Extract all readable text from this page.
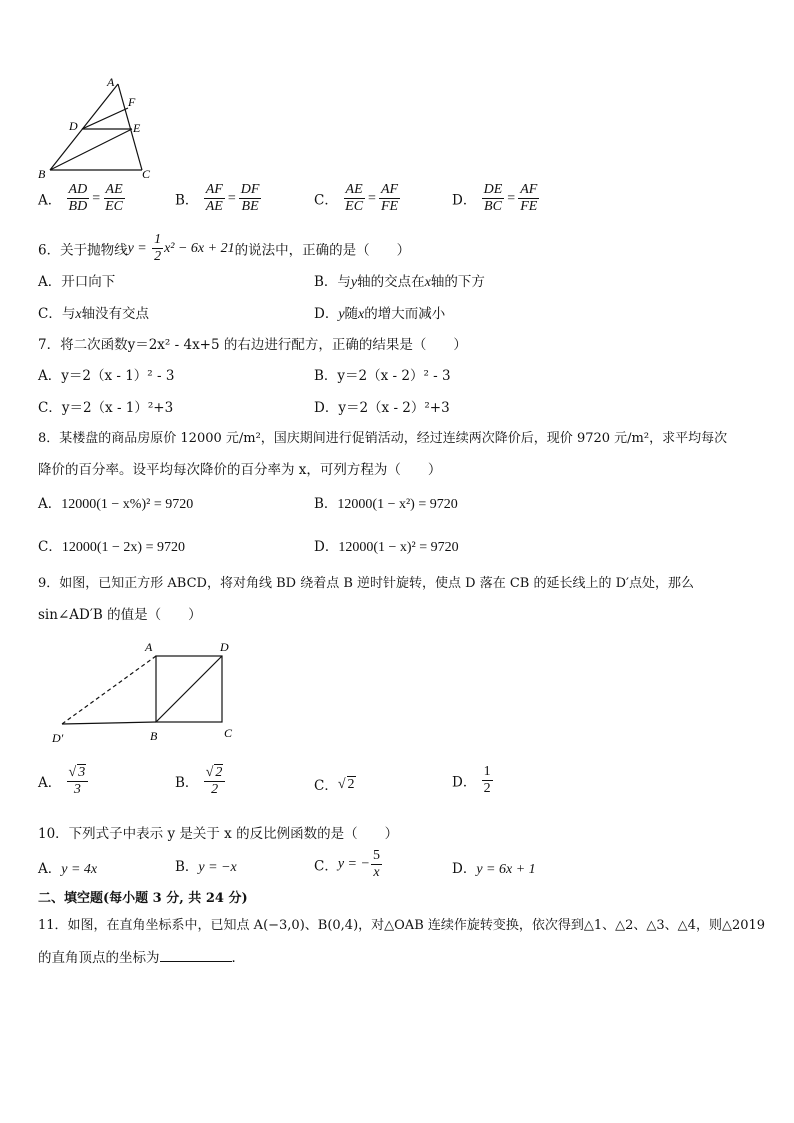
A
F
D	E
B	C
A． $\frac{AD}{BD} = \frac{AE}{EC}$	B． $\frac{AF}{AE} = \frac{DF}{BE}$	C． $\frac{AE}{EC} = \frac{AF}{FE}$	D． $\frac{DE}{BC} = \frac{AF}{FE}$
6．关于抛物线$y = \frac{1}{2} x^2 - 6x + 21$的说法中，正确的是（　　）
A．开口向下	B．与y轴的交点在x轴的下方
C．与x轴没有交点	D．y随x的增大而减小
7．将二次函数y＝2x² - 4x+5 的右边进行配方，正确的结果是（　　）
A．y＝2（x - 1）² - 3	B．y＝2（x - 2）² - 3
C．y＝2（x - 1）²+3	D．y＝2（x - 2）²+3
8．某楼盘的商品房原价 12000 元/m²，国庆期间进行促销活动，经过连续两次降价后，现价 9720 元/m²，求平均每次
降价的百分率。设平均每次降价的百分率为 x，可列方程为（　　）
A．12000(1 − x%)² = 9720	B．12000(1 − x²) = 9720
C．12000(1 − 2x) = 9720	D．12000(1 − x)² = 9720
9．如图，已知正方形 ABCD，将对角线 BD 绕着点 B 逆时针旋转，使点 D 落在 CB 的延长线上的 D′点处，那么
sin∠AD′B 的值是（　　）
A	D
D′	B	C
A． $\frac{√ 3}{3}$	B． $\frac{√ 2}{2}$	C．√ 2	D． $\frac{1}{2}$
10．下列式子中表示 y 是关于 x 的反比例函数的是（　　）
A．y = 4x	B．y = −x	C．y = − $\frac{5}{x}$	D．y = 6x + 1
二、填空题(每小题 3 分, 共 24 分)
11．如图，在直角坐标系中，已知点 A(−3,0)、B(0,4)，对△OAB 连续作旋转变换，依次得到△1、△2、△3、△4，则△2019
的直角顶点的坐标为	．
